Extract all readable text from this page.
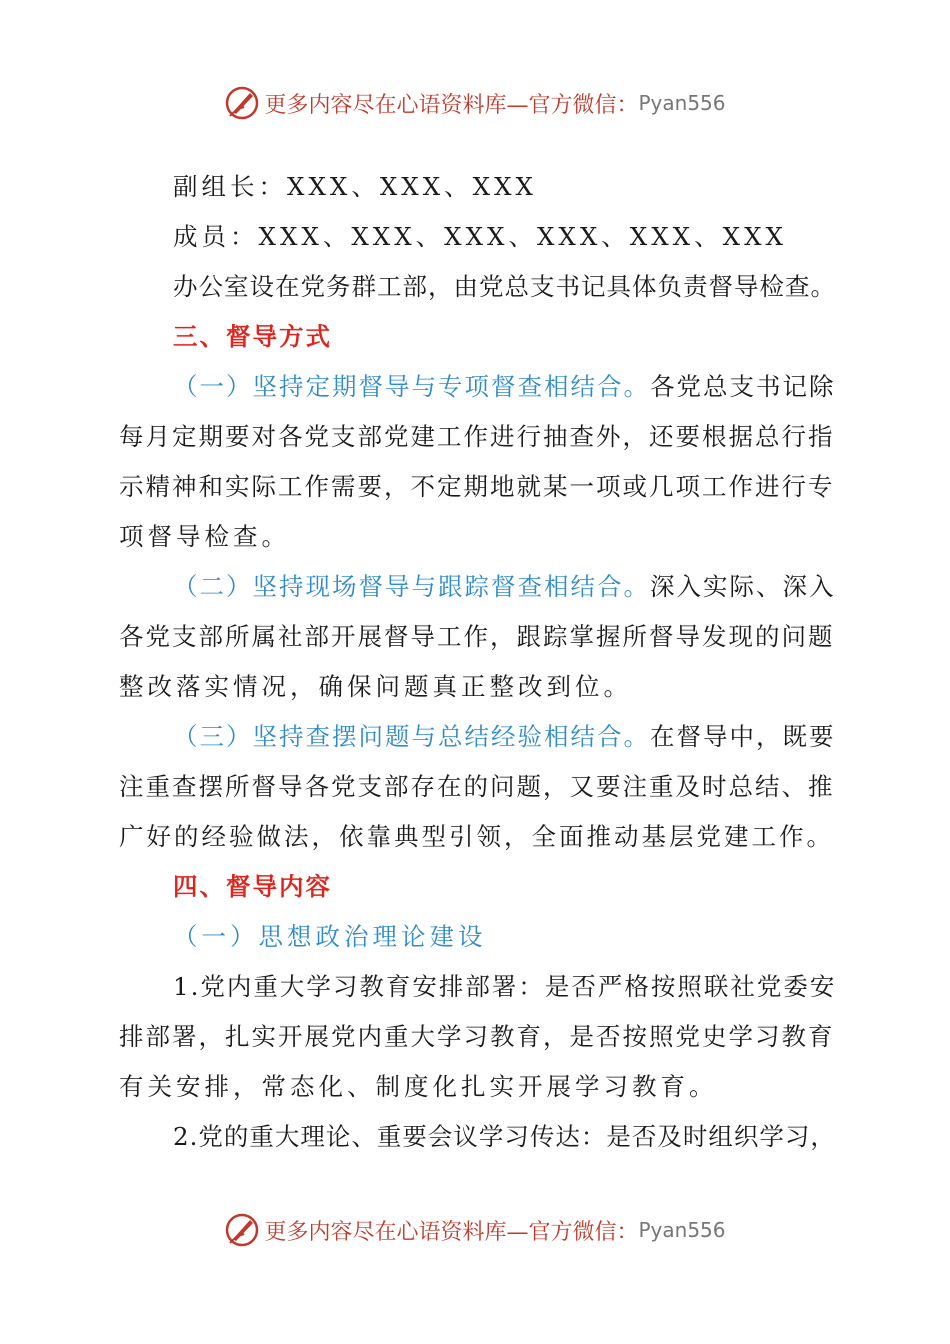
更多内容尽在心语资料库—官方微信： Pyan556
副组长：XXX、XXX、XXX
成员：XXX、XXX、XXX、XXX、XXX、XXX
办公室设在党务群工部，由党总支书记具体负责督导检查。
三、督导方式
（一）坚持定期督导与专项督查相结合。各党总支书记除
每月定期要对各党支部党建工作进行抽查外，还要根据总行指
示精神和实际工作需要，不定期地就某一项或几项工作进行专
项督导检查。
（二）坚持现场督导与跟踪督查相结合。深入实际、深入
各党支部所属社部开展督导工作，跟踪掌握所督导发现的问题
整改落实情况，确保问题真正整改到位。
（三）坚持查摆问题与总结经验相结合。在督导中，既要
注重查摆所督导各党支部存在的问题，又要注重及时总结、推
广好的经验做法，依靠典型引领，全面推动基层党建工作。
四、督导内容
（一）思想政治理论建设
1.党内重大学习教育安排部署：是否严格按照联社党委安
排部署，扎实开展党内重大学习教育，是否按照党史学习教育
有关安排，常态化、制度化扎实开展学习教育。
2.党的重大理论、重要会议学习传达：是否及时组织学习，
更多内容尽在心语资料库—官方微信： Pyan556
